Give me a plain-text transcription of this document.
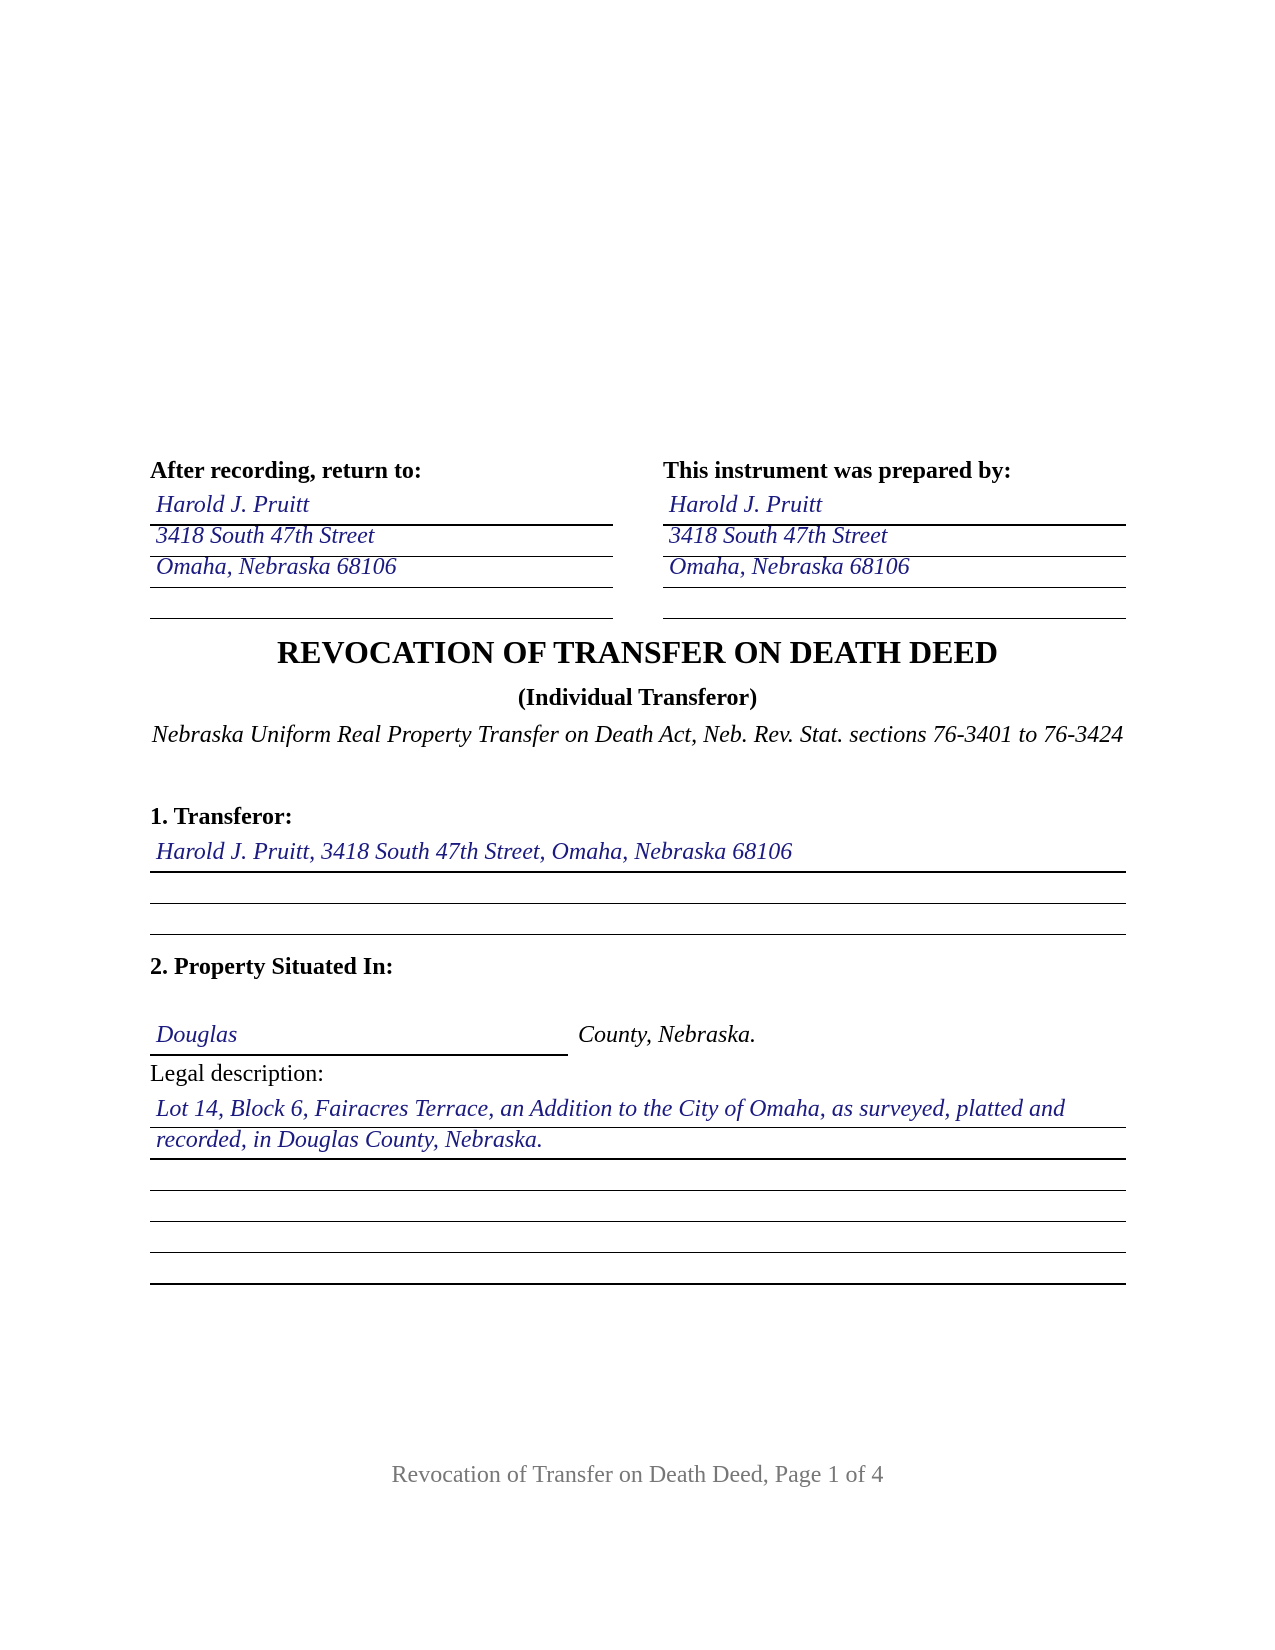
After recording, return to:
Harold J. Pruitt
3418 South 47th Street
Omaha, Nebraska 68106
This instrument was prepared by:
Harold J. Pruitt
3418 South 47th Street
Omaha, Nebraska 68106
REVOCATION OF TRANSFER ON DEATH DEED
(Individual Transferor)
Nebraska Uniform Real Property Transfer on Death Act, Neb. Rev. Stat. sections 76-3401 to 76-3424
1. Transferor:
Harold J. Pruitt, 3418 South 47th Street, Omaha, Nebraska 68106
2. Property Situated In:
Douglas	County, Nebraska.
Legal description:
Lot 14, Block 6, Fairacres Terrace, an Addition to the City of Omaha, as surveyed, platted and
recorded, in Douglas County, Nebraska.
Revocation of Transfer on Death Deed, Page 1 of 4
